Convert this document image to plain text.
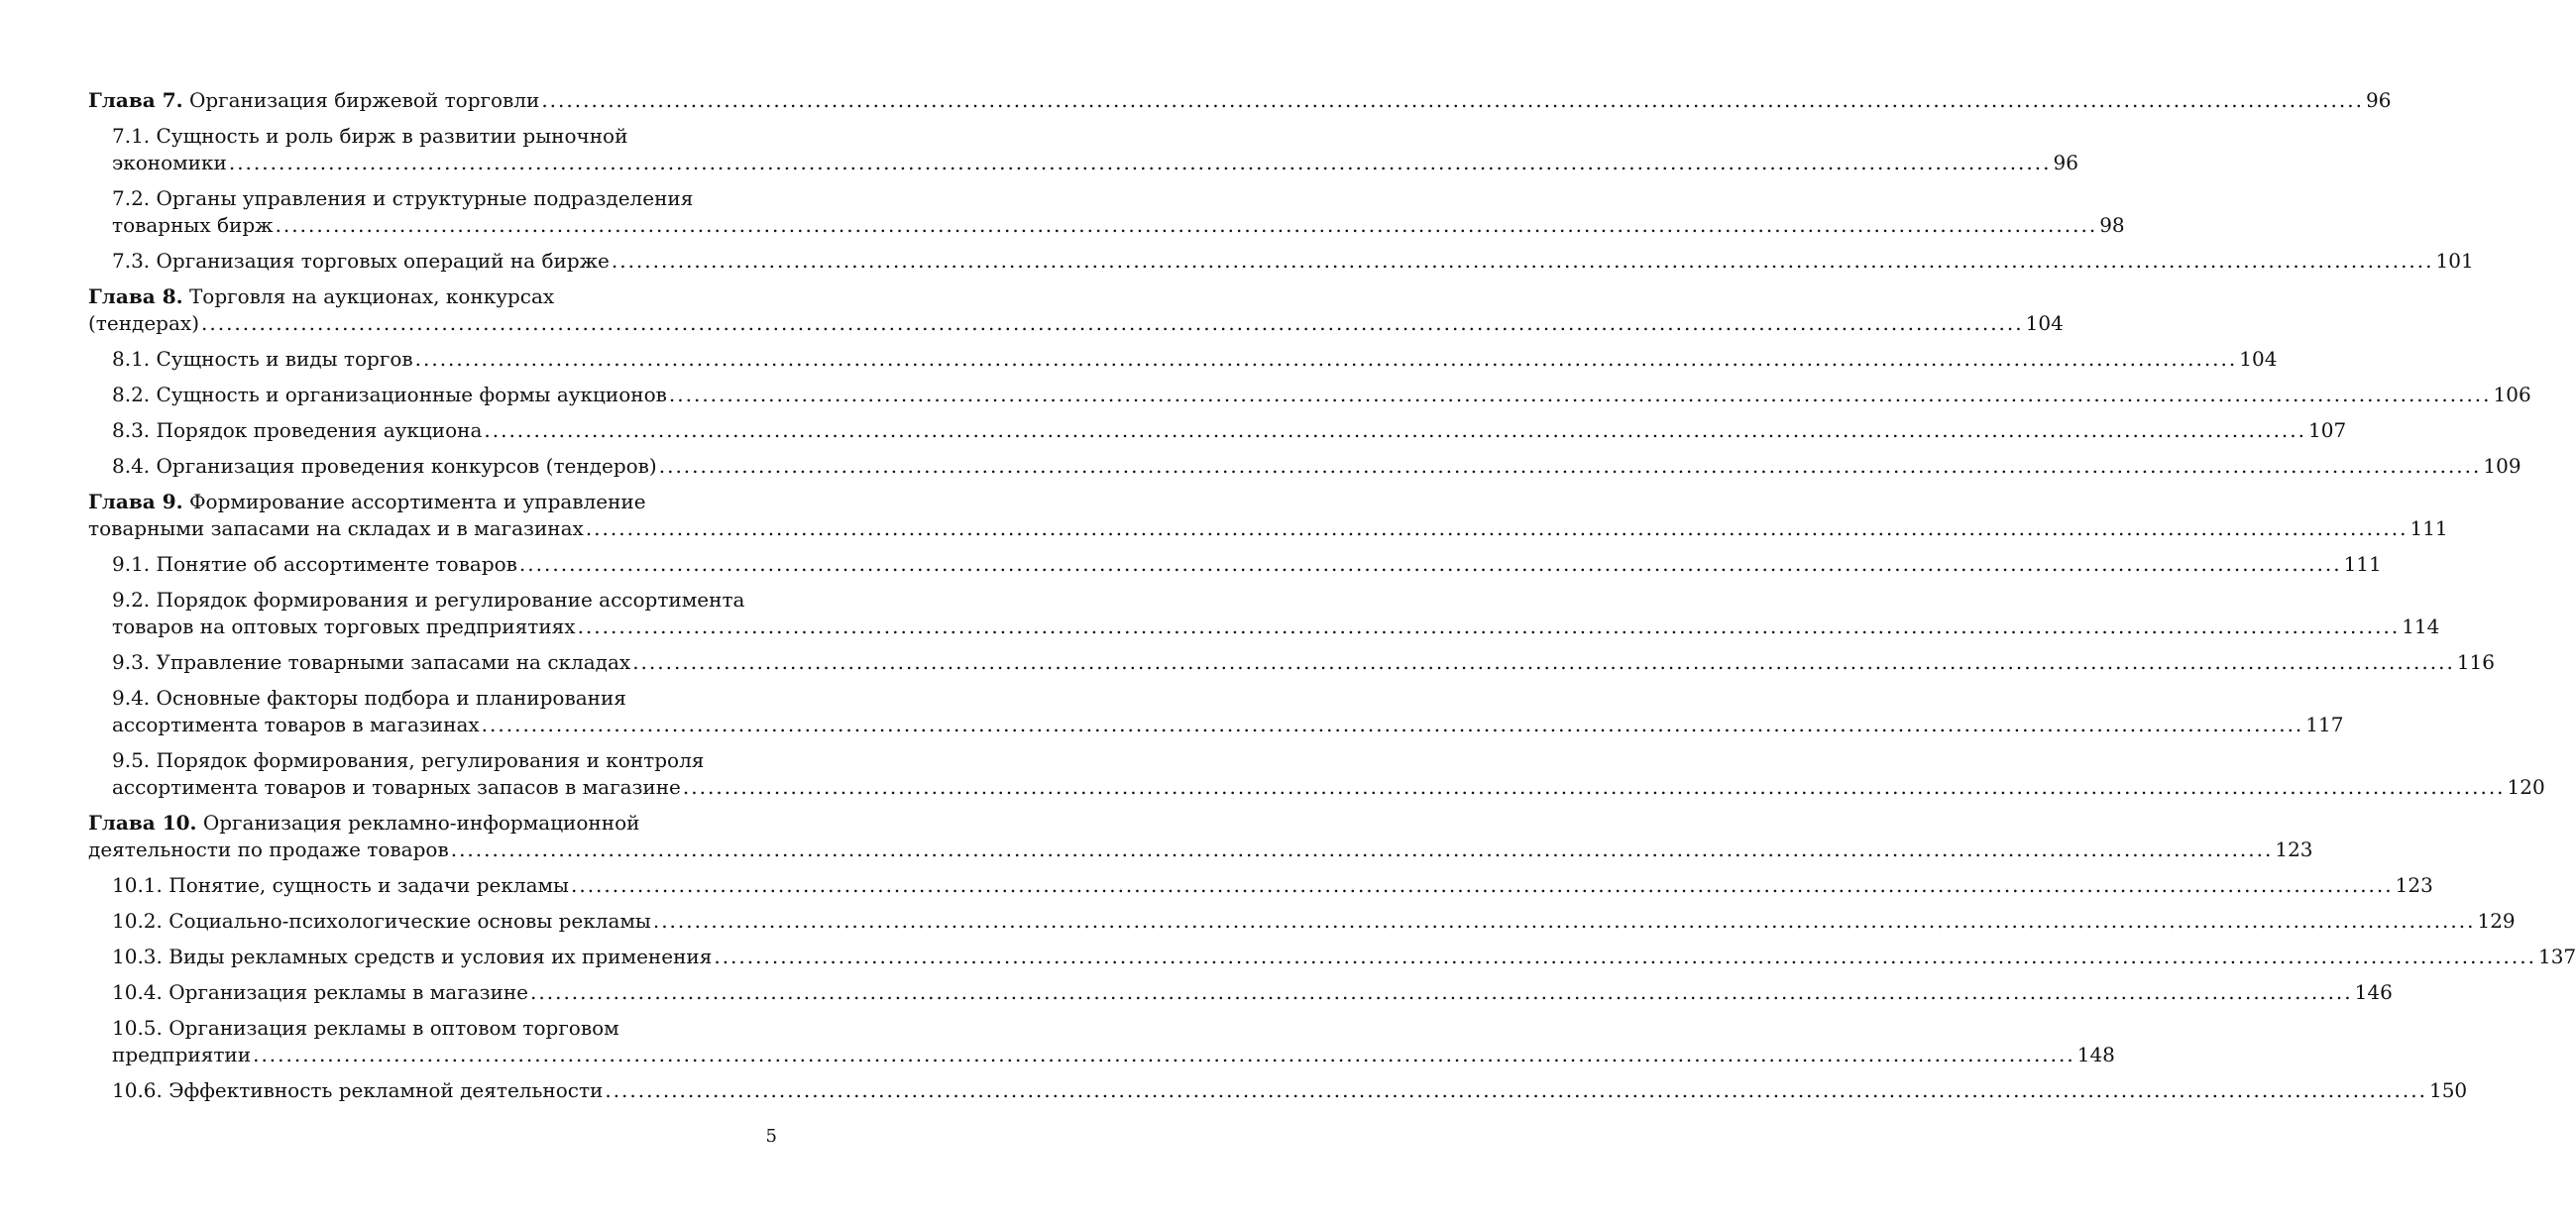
Глава 7. Организация биржевой торговли ............................................................................................................................................................................................................................ 96
7.1. Сущность и роль бирж в развитии рыночной
экономики ............................................................................................................................................................................................................................ 96
7.2. Органы управления и структурные подразделения
товарных бирж ............................................................................................................................................................................................................................ 98
7.3. Организация торговых операций на бирже ............................................................................................................................................................................................................................ 101
Глава 8. Торговля на аукционах, конкурсах
(тендерах) ............................................................................................................................................................................................................................ 104
8.1. Сущность и виды торгов ............................................................................................................................................................................................................................ 104
8.2. Сущность и организационные формы аукционов ............................................................................................................................................................................................................................ 106
8.3. Порядок проведения аукциона ............................................................................................................................................................................................................................ 107
8.4. Организация проведения конкурсов (тендеров) ............................................................................................................................................................................................................................ 109
Глава 9. Формирование ассортимента и управление
товарными запасами на складах и в магазинах ............................................................................................................................................................................................................................ 111
9.1. Понятие об ассортименте товаров ............................................................................................................................................................................................................................ 111
9.2. Порядок формирования и регулирование ассортимента
товаров на оптовых торговых предприятиях ............................................................................................................................................................................................................................ 114
9.3. Управление товарными запасами на складах ............................................................................................................................................................................................................................ 116
9.4. Основные факторы подбора и планирования
ассортимента товаров в магазинах ............................................................................................................................................................................................................................ 117
9.5. Порядок формирования, регулирования и контроля
ассортимента товаров и товарных запасов в магазине ............................................................................................................................................................................................................................ 120
Глава 10. Организация рекламно-информационной
деятельности по продаже товаров ............................................................................................................................................................................................................................ 123
10.1. Понятие, сущность и задачи рекламы ............................................................................................................................................................................................................................ 123
10.2. Социально-психологические основы рекламы ............................................................................................................................................................................................................................ 129
10.3. Виды рекламных средств и условия их применения ............................................................................................................................................................................................................................ 137
10.4. Организация рекламы в магазине ............................................................................................................................................................................................................................ 146
10.5. Организация рекламы в оптовом торговом
предприятии ............................................................................................................................................................................................................................ 148
10.6. Эффективность рекламной деятельности ............................................................................................................................................................................................................................ 150
5
